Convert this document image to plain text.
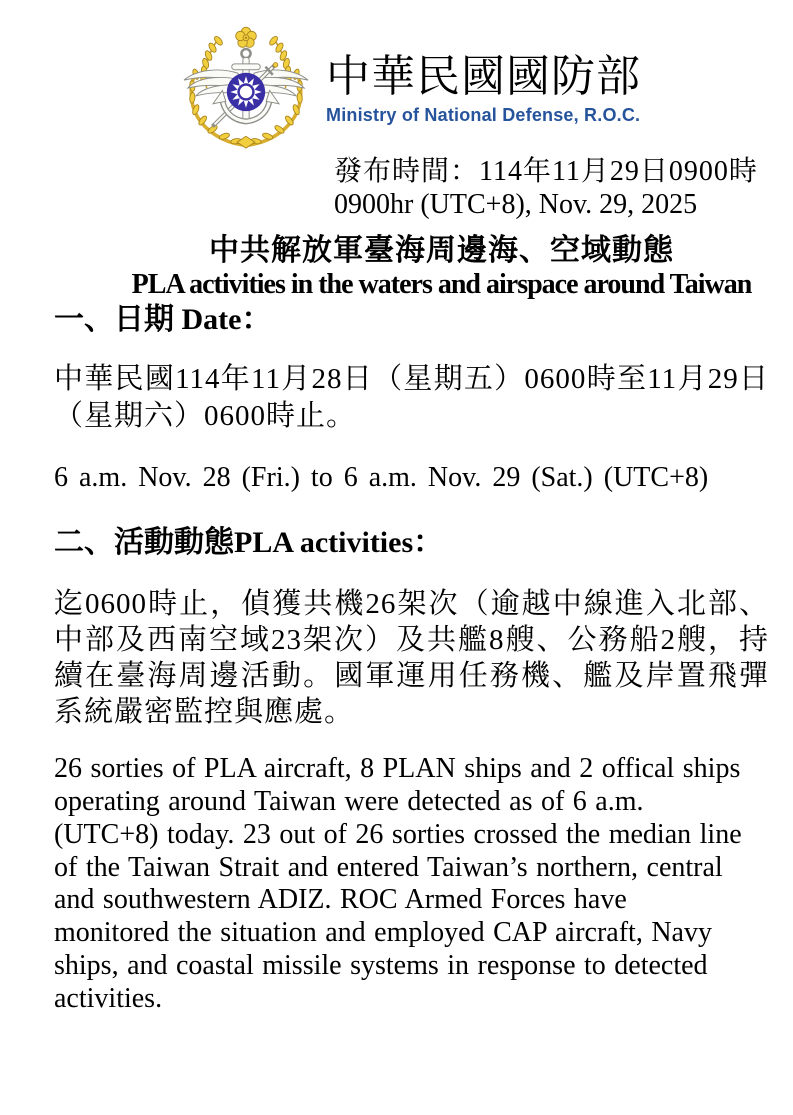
中華民國國防部
Ministry of National Defense, R.O.C.
發布時間：114年11月29日0900時
0900hr (UTC+8), Nov. 29, 2025
中共解放軍臺海周邊海、空域動態
PLA activities in the waters and airspace around Taiwan
一、日期 Date：

中華民國114年11月28日（星期五）0600時至11月29日（星期六）0600時止。

6 a.m. Nov. 28 (Fri.) to 6 a.m. Nov. 29 (Sat.) (UTC+8)

二、活動動態PLA activities：

迄0600時止，偵獲共機26架次（逾越中線進入北部、中部及西南空域23架次）及共艦8艘、公務船2艘，持續在臺海周邊活動。國軍運用任務機、艦及岸置飛彈系統嚴密監控與應處。

26 sorties of PLA aircraft, 8 PLAN ships and 2 offical ships
operating around Taiwan were detected as of 6 a.m.
(UTC+8) today. 23 out of 26 sorties crossed the median line
of the Taiwan Strait and entered Taiwan’s northern, central
and southwestern ADIZ. ROC Armed Forces have
monitored the situation and employed CAP aircraft, Navy
ships, and coastal missile systems in response to detected
activities.
